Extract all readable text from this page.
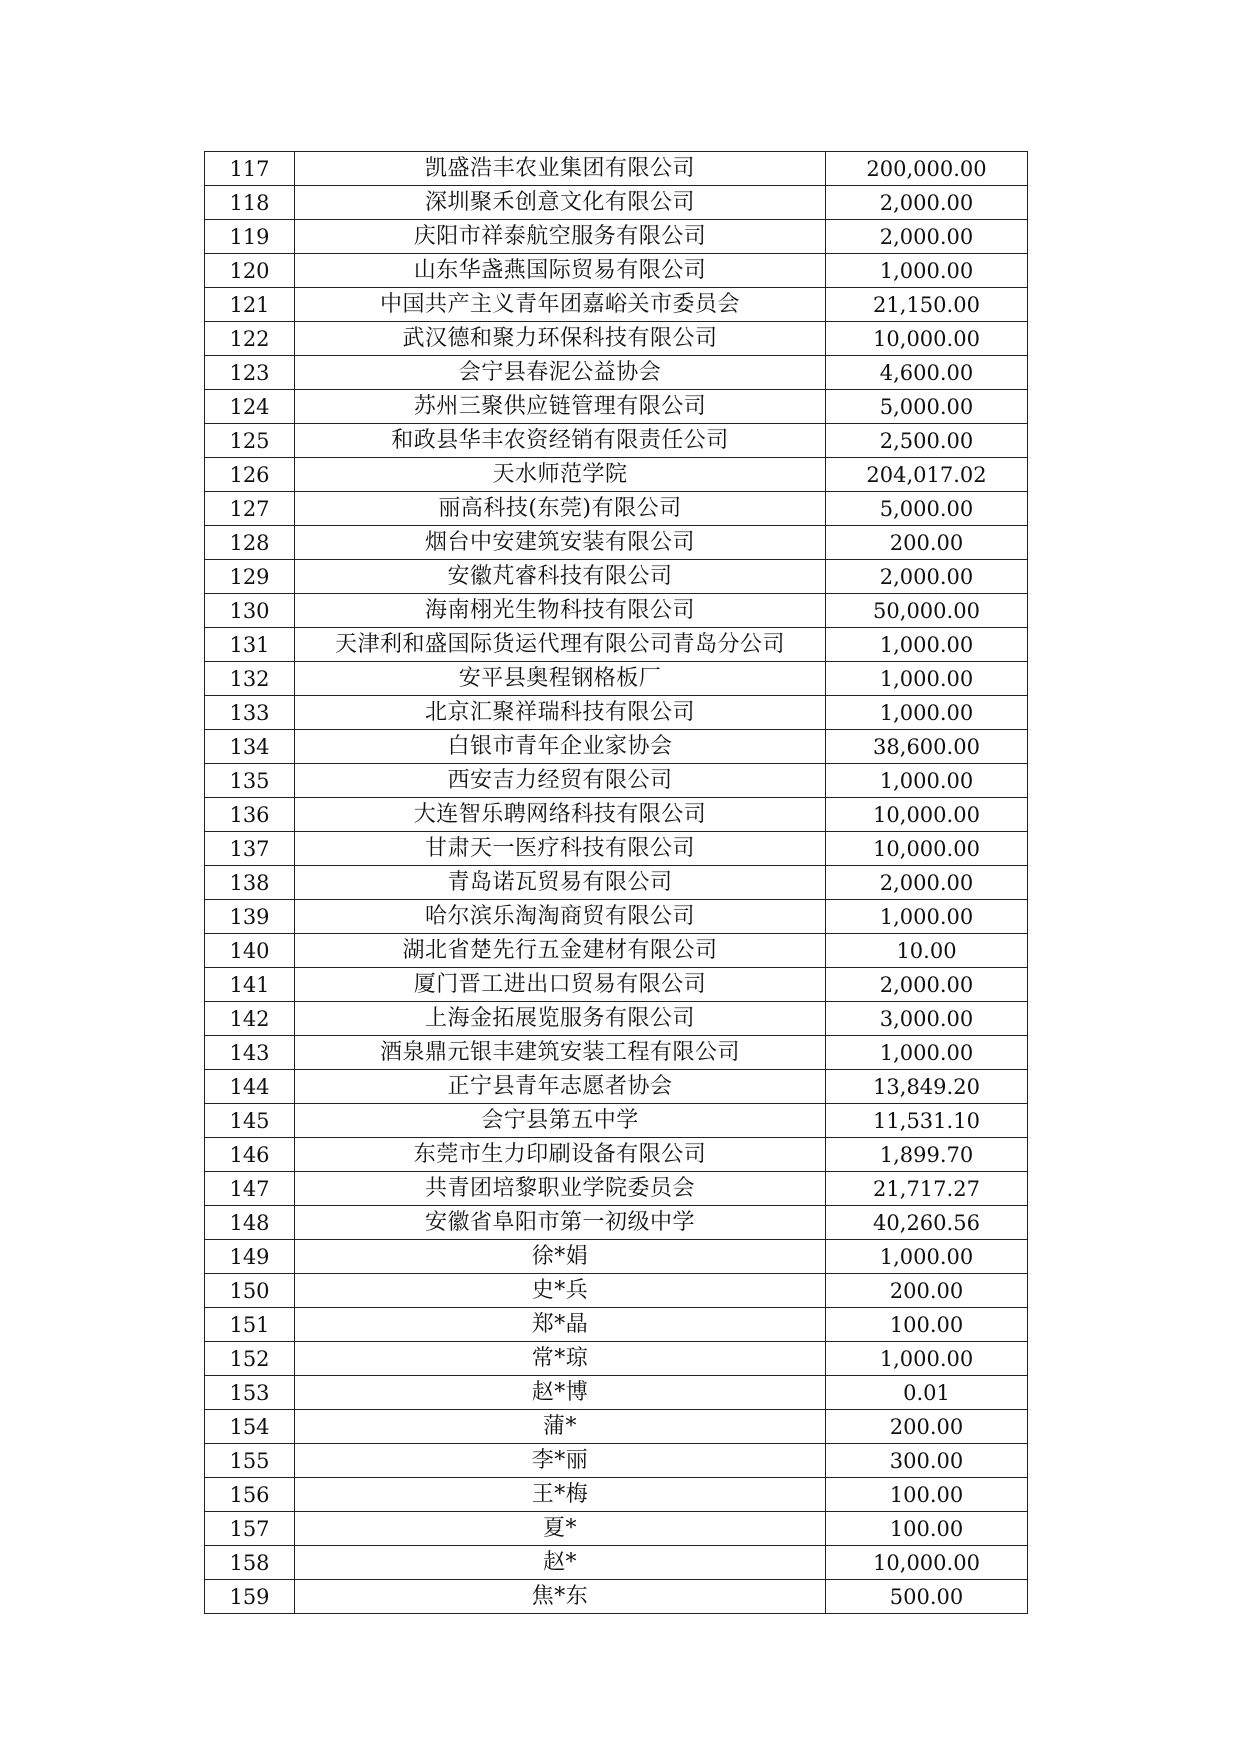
117	凯盛浩丰农业集团有限公司	200,000.00
118	深圳聚禾创意文化有限公司	2,000.00
119	庆阳市祥泰航空服务有限公司	2,000.00
120	山东华盏燕国际贸易有限公司	1,000.00
121	中国共产主义青年团嘉峪关市委员会	21,150.00
122	武汉德和聚力环保科技有限公司	10,000.00
123	会宁县春泥公益协会	4,600.00
124	苏州三聚供应链管理有限公司	5,000.00
125	和政县华丰农资经销有限责任公司	2,500.00
126	天水师范学院	204,017.02
127	丽高科技(东莞)有限公司	5,000.00
128	烟台中安建筑安装有限公司	200.00
129	安徽芃睿科技有限公司	2,000.00
130	海南栩光生物科技有限公司	50,000.00
131	天津利和盛国际货运代理有限公司青岛分公司	1,000.00
132	安平县奥程钢格板厂	1,000.00
133	北京汇聚祥瑞科技有限公司	1,000.00
134	白银市青年企业家协会	38,600.00
135	西安吉力经贸有限公司	1,000.00
136	大连智乐聘网络科技有限公司	10,000.00
137	甘肃天一医疗科技有限公司	10,000.00
138	青岛诺瓦贸易有限公司	2,000.00
139	哈尔滨乐淘淘商贸有限公司	1,000.00
140	湖北省楚先行五金建材有限公司	10.00
141	厦门晋工进出口贸易有限公司	2,000.00
142	上海金拓展览服务有限公司	3,000.00
143	酒泉鼎元银丰建筑安装工程有限公司	1,000.00
144	正宁县青年志愿者协会	13,849.20
145	会宁县第五中学	11,531.10
146	东莞市生力印刷设备有限公司	1,899.70
147	共青团培黎职业学院委员会	21,717.27
148	安徽省阜阳市第一初级中学	40,260.56
149	徐*娟	1,000.00
150	史*兵	200.00
151	郑*晶	100.00
152	常*琼	1,000.00
153	赵*博	0.01
154	蒲*	200.00
155	李*丽	300.00
156	王*梅	100.00
157	夏*	100.00
158	赵*	10,000.00
159	焦*东	500.00
